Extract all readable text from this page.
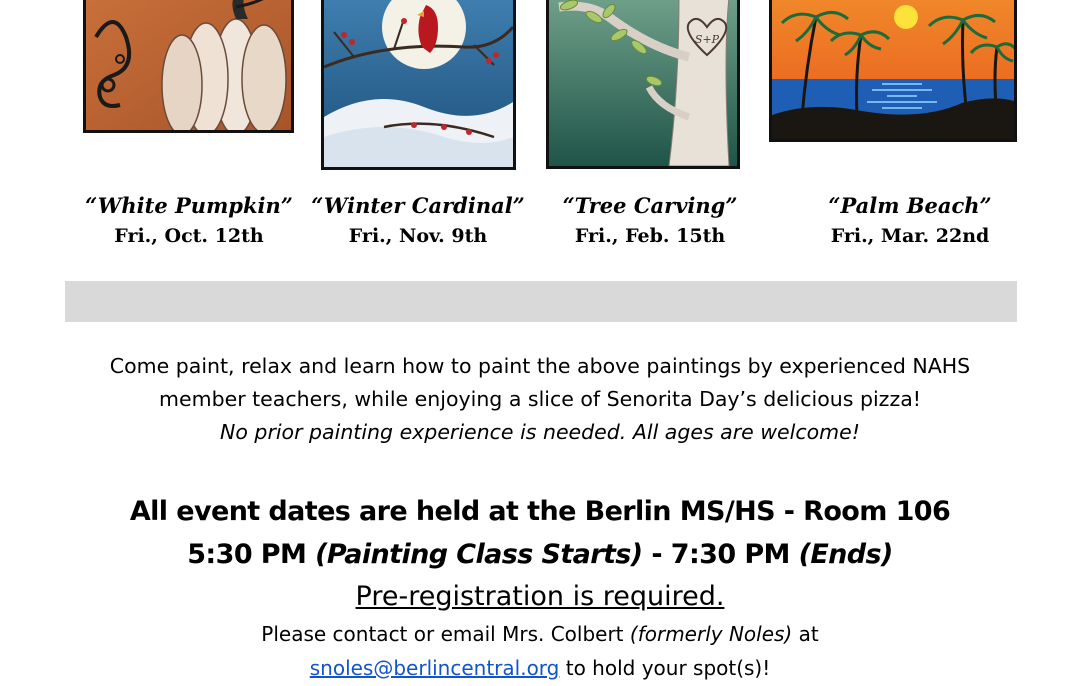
S+P
“White Pumpkin”
Fri., Oct. 12th
“Winter Cardinal”
Fri., Nov. 9th
“Tree Carving”
Fri., Feb. 15th
“Palm Beach”
Fri., Mar. 22nd
Come paint, relax and learn how to paint the above paintings by experienced NAHS
member teachers, while enjoying a slice of Senorita Day’s delicious pizza!
No prior painting experience is needed. All ages are welcome!
All event dates are held at the Berlin MS/HS - Room 106
5:30 PM (Painting Class Starts) - 7:30 PM (Ends)
Pre-registration is required.
Please contact or email Mrs. Colbert (formerly Noles) at
snoles@berlincentral.org to hold your spot(s)!
